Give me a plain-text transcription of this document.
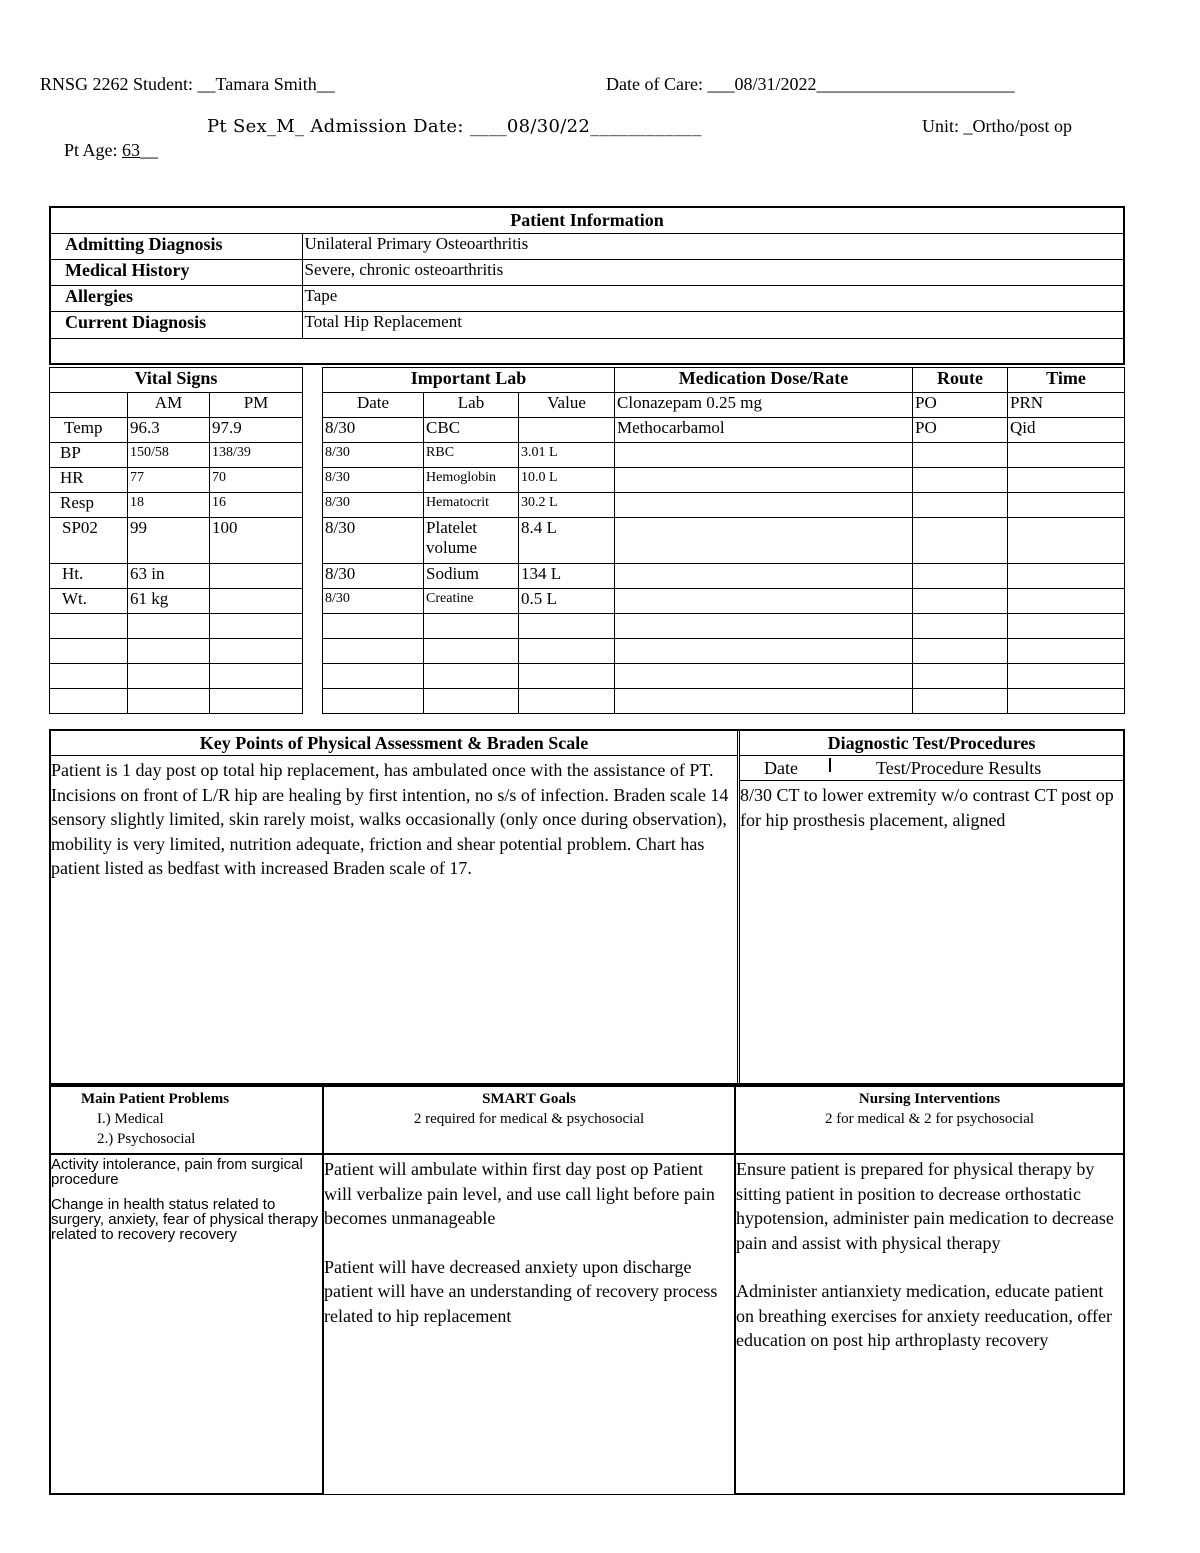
RNSG 2262 Student: __Tamara Smith__	Date of Care: ___08/31/2022______________________
Pt Sex_M_ Admission Date: ____08/30/22____________	Unit: _Ortho/post op
Pt Age: 63__
Patient Information	
Admitting Diagnosis	Unilateral Primary Osteoarthritis
Medical History	Severe, chronic osteoarthritis
Allergies	Tape
Current Diagnosis	Total Hip Replacement

Vital Signs				Important Lab			Medication Dose/Rate	Route	Time
	AM	PM		Date	Lab	Value	Clonazepam 0.25 mg	PO	PRN
Temp	96.3	97.9		8/30	CBC		Methocarbamol	PO	Qid
BP	150/58	138/39		8/30	RBC	3.01 L			
HR	77	70		8/30	Hemoglobin	10.0 L			
Resp	18	16		8/30	Hematocrit	30.2 L			
SP02	99	100		8/30	Platelet volume	8.4 L			
Ht.	63 in			8/30	Sodium	134 L			
Wt.	61 kg			8/30	Creatine	0.5 L			

Key Points of Physical Assessment & Braden Scale
Patient is 1 day post op total hip replacement, has ambulated once with the assistance of PT. Incisions on front of L/R hip are healing by first intention, no s/s of infection. Braden scale 14 sensory slightly limited, skin rarely moist, walks occasionally (only once during observation), mobility is very limited, nutrition adequate, friction and shear potential problem. Chart has patient listed as bedfast with increased Braden scale of 17.
Diagnostic Test/Procedures
Date	Test/Procedure Results
8/30 CT to lower extremity w/o contrast CT post op for hip prosthesis placement, aligned
Main Patient Problems
I.) Medical
2.) Psychosocial
Activity intolerance, pain from surgical procedure
Change in health status related to surgery, anxiety, fear of physical therapy related to recovery recovery
SMART Goals
2 required for medical & psychosocial
Patient will ambulate within first day post op Patient will verbalize pain level, and use call light before pain becomes unmanageable
Patient will have decreased anxiety upon discharge patient will have an understanding of recovery process related to hip replacement
Nursing Interventions
2 for medical & 2 for psychosocial
Ensure patient is prepared for physical therapy by sitting patient in position to decrease orthostatic hypotension, administer pain medication to decrease pain and assist with physical therapy
Administer antianxiety medication, educate patient on breathing exercises for anxiety reeducation, offer education on post hip arthroplasty recovery
